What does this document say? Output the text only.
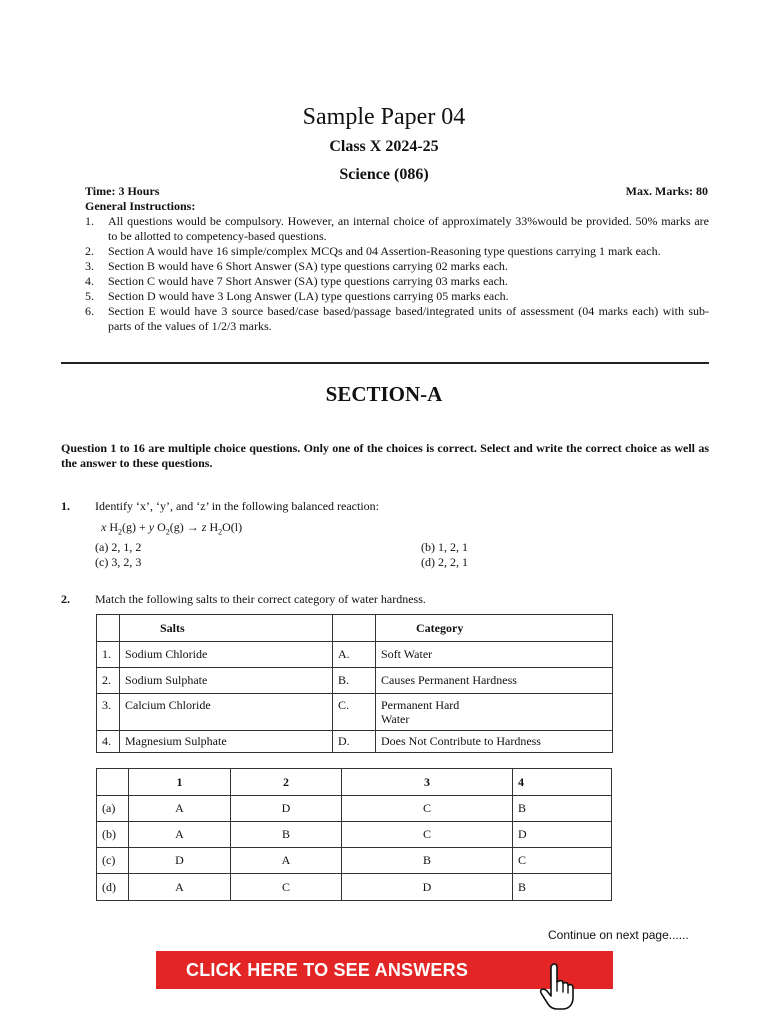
Sample Paper 04
Class X 2024-25
Science (086)
Time: 3 Hours	Max. Marks: 80
General Instructions:
1.	All questions would be compulsory. However, an internal choice of approximately 33%would be provided. 50% marks are to be allotted to competency-based questions.
2.	Section A would have 16 simple/complex MCQs and 04 Assertion-Reasoning type questions carrying 1 mark each.
3.	Section B would have 6 Short Answer (SA) type questions carrying 02 marks each.
4.	Section C would have 7 Short Answer (SA) type questions carrying 03 marks each.
5.	Section D would have 3 Long Answer (LA) type questions carrying 05 marks each.
6.	Section E would have 3 source based/case based/passage based/integrated units of assessment (04 marks each) with sub-parts of the values of 1/2/3 marks.
SECTION-A
Question 1 to 16 are multiple choice questions. Only one of the choices is correct. Select and write the correct choice as well as the answer to these questions.
1. Identify ‘x’, ‘y’, and ‘z’ in the following balanced reaction:
x $H_2(g) + y$ $O_2(g) \to z$ $H_2O(l)$
(a) 2, 1, 2	(b) 1, 2, 1
(c) 3, 2, 3	(d) 2, 2, 1
2. Match the following salts to their correct category of water hardness.
	Salts		Category
1.	Sodium Chloride	A.	Soft Water
2.	Sodium Sulphate	B.	Causes Permanent Hardness
3.	Calcium Chloride	C.	Permanent Hard
Water

4.	Magnesium Sulphate	D.	Does Not Contribute to Hardness
	1	2	3	4
(a)	A	D	C	B
(b)	A	B	C	D
(c)	D	A	B	C
(d)	A	C	D	B
Continue on next page......
CLICK HERE TO SEE ANSWERS
